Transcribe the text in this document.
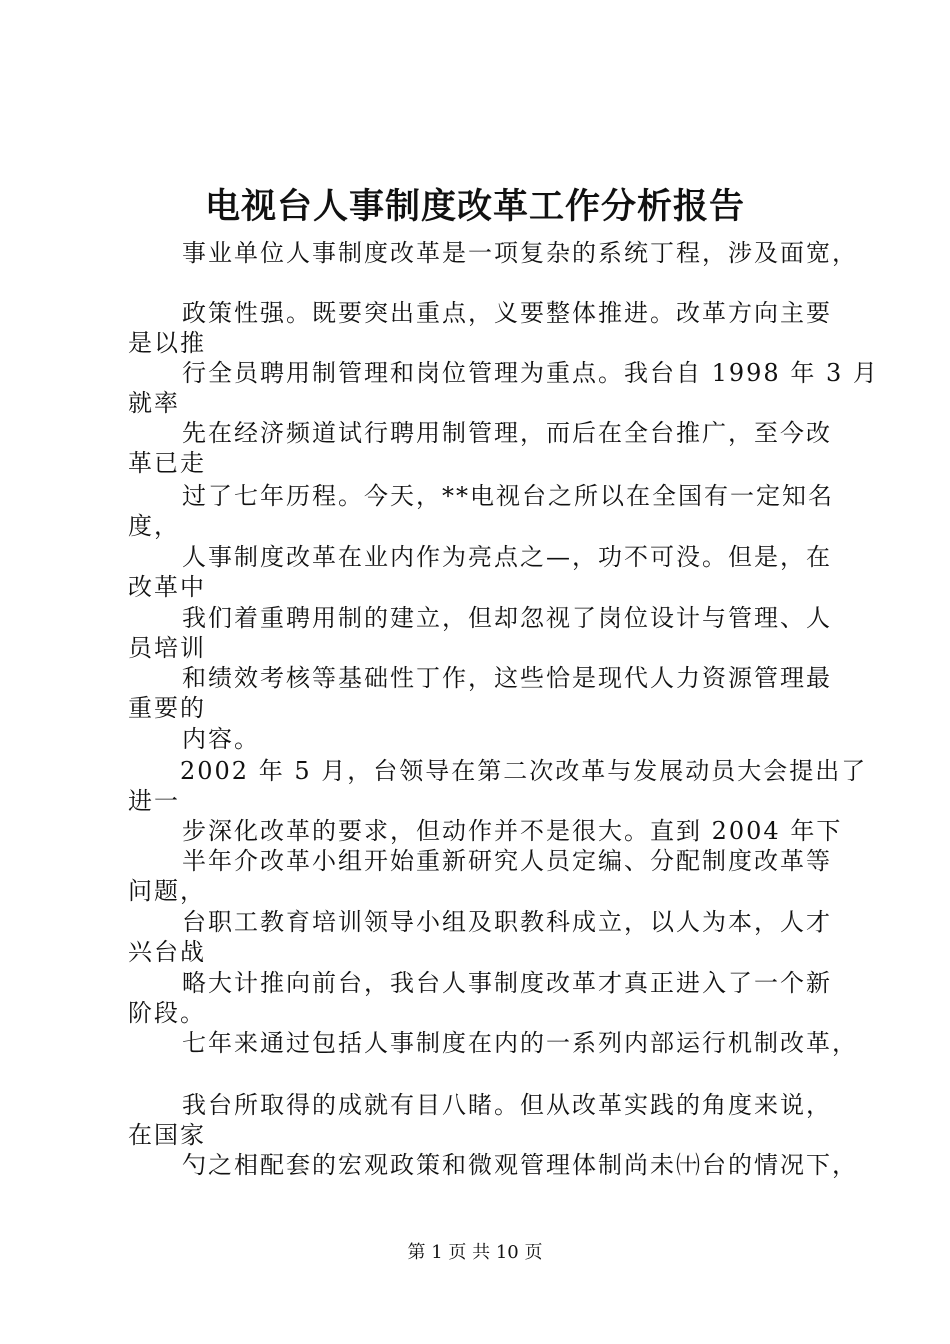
电视台人事制度改革工作分析报告

事业单位人事制度改革是一项复杂的系统丁程，涉及面宽，

政策性强。既要突出重点，义要整体推进。改革方向主要

是以推

行全员聘用制管理和岗位管理为重点。我台自 1998 年 3 月

就率

先在经济频道试行聘用制管理，而后在全台推广，至今改

革已走

过了七年历程。今天，**电视台之所以在全国有一定知名

度，

人事制度改革在业内作为亮点之—，功不可没。但是，在

改革中

我们着重聘用制的建立，但却忽视了岗位设计与管理、人

员培训

和绩效考核等基础性丁作，这些恰是现代人力资源管理最

重要的

内容。

2002 年 5 月，台领导在第二次改革与发展动员大会提出了

进一

步深化改革的要求，但动作并不是很大。直到 2004 年下

半年介改革小组开始重新研究人员定编、分配制度改革等

问题，

台职工教育培训领导小组及职教科成立，以人为本，人才

兴台战

略大计推向前台，我台人事制度改革才真正进入了一个新

阶段。

七年来通过包括人事制度在内的一系列内部运行机制改革，

我台所取得的成就有目八睹。但从改革实践的角度来说，

在国家

勺之相配套的宏观政策和微观管理体制尚未㈩台的情况下，

第 1 页 共 10 页
